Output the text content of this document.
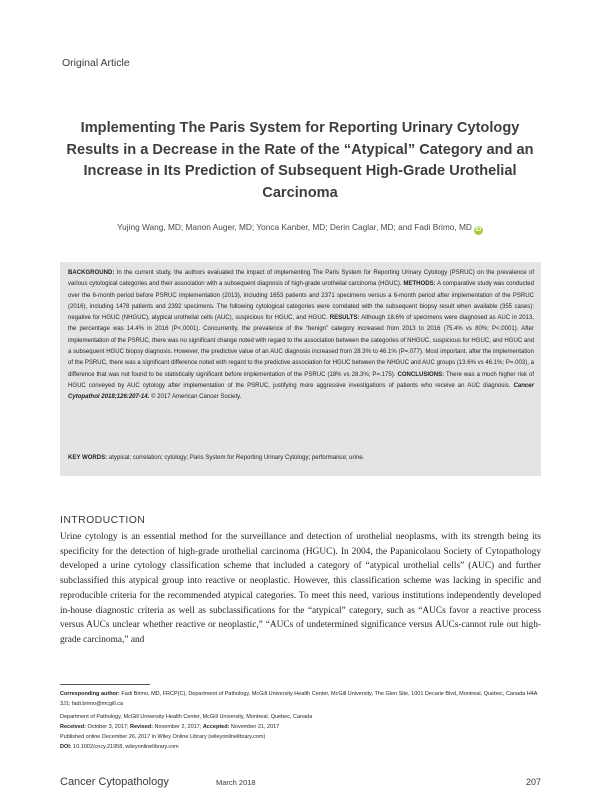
Original Article
Implementing The Paris System for Reporting Urinary Cytology Results in a Decrease in the Rate of the “Atypical” Category and an Increase in Its Prediction of Subsequent High-Grade Urothelial Carcinoma
Yujing Wang, MD; Manon Auger, MD; Yonca Kanber, MD; Derin Caglar, MD; and Fadi Brimo, MD iD
BACKGROUND: In the current study, the authors evaluated the impact of implementing The Paris System for Reporting Urinary Cytology (PSRUC) on the prevalence of various cytological categories and their association with a subsequent diagnosis of high-grade urothelial carcinoma (HGUC). METHODS: A comparative study was conducted over the 6-month period before PSRUC implementation (2013), including 1653 patients and 2371 specimens versus a 6-month period after implementation of the PSRUC (2016), including 1478 patients and 2392 specimens. The following cytological categories were correlated with the subsequent biopsy result when available (355 cases): negative for HGUC (NHGUC), atypical urothelial cells (AUC), suspicious for HGUC, and HGUC. RESULTS: Although 18.6% of specimens were diagnosed as AUC in 2013, the percentage was 14.4% in 2016 (P<.0001). Concurrently, the prevalence of the “benign” category increased from 2013 to 2016 (75.4% vs 80%; P<.0001). After implementation of the PSRUC, there was no significant change noted with regard to the association between the categories of NHGUC, suspicious for HGUC, and HGUC and a subsequent HGUC biopsy diagnosis. However, the predictive value of an AUC diagnosis increased from 28.3% to 46.1% (P=.077). Most important, after the implementation of the PSRUC, there was a significant difference noted with regard to the predictive association for HGUC between the NHGUC and AUC groups (13.6% vs 46.1%; P=.003), a difference that was not found to be statistically significant before implementation of the PSRUC (18% vs 28.3%; P=.175). CONCLUSIONS: There was a much higher risk of HGUC conveyed by AUC cytology after implementation of the PSRUC, justifying more aggressive investigations of patients who receive an AUC diagnosis. Cancer Cytopathol 2018;126:207-14. © 2017 American Cancer Society.
KEY WORDS: atypical; correlation; cytology; Paris System for Reporting Urinary Cytology; performance; urine.
INTRODUCTION
Urine cytology is an essential method for the surveillance and detection of urothelial neoplasms, with its strength being its specificity for the detection of high-grade urothelial carcinoma (HGUC). In 2004, the Papanicolaou Society of Cytopathology developed a urine cytology classification scheme that included a category of “atypical urothelial cells” (AUC) and further subclassified this atypical group into reactive or neoplastic. However, this classification scheme was lacking in specific and reproducible criteria for the recommended atypical categories. To meet this need, various institutions independently developed in-house diagnostic criteria as well as subclassifications for the “atypical” category, such as “AUCs favor a reactive process versus AUCs unclear whether reactive or neoplastic,” “AUCs of undetermined significance versus AUCs-cannot rule out high-grade carcinoma,” and

Corresponding author: Fadi Brimo, MD, FRCP(C), Department of Pathology, McGill University Health Center, McGill University, The Glen Site, 1001 Decarie Blvd, Montreal, Quebec, Canada H4A 3J1; fadi.brimo@mcgill.ca

Department of Pathology, McGill University Health Center, McGill University, Montreal, Quebec, Canada

Received: October 3, 2017; Revised: November 2, 2017; Accepted: November 21, 2017

Published online December 26, 2017 in Wiley Online Library (wileyonlinelibrary.com)

DOI: 10.1002/cncy.21958, wileyonlinelibrary.com

Cancer Cytopathology	March 2018	207
